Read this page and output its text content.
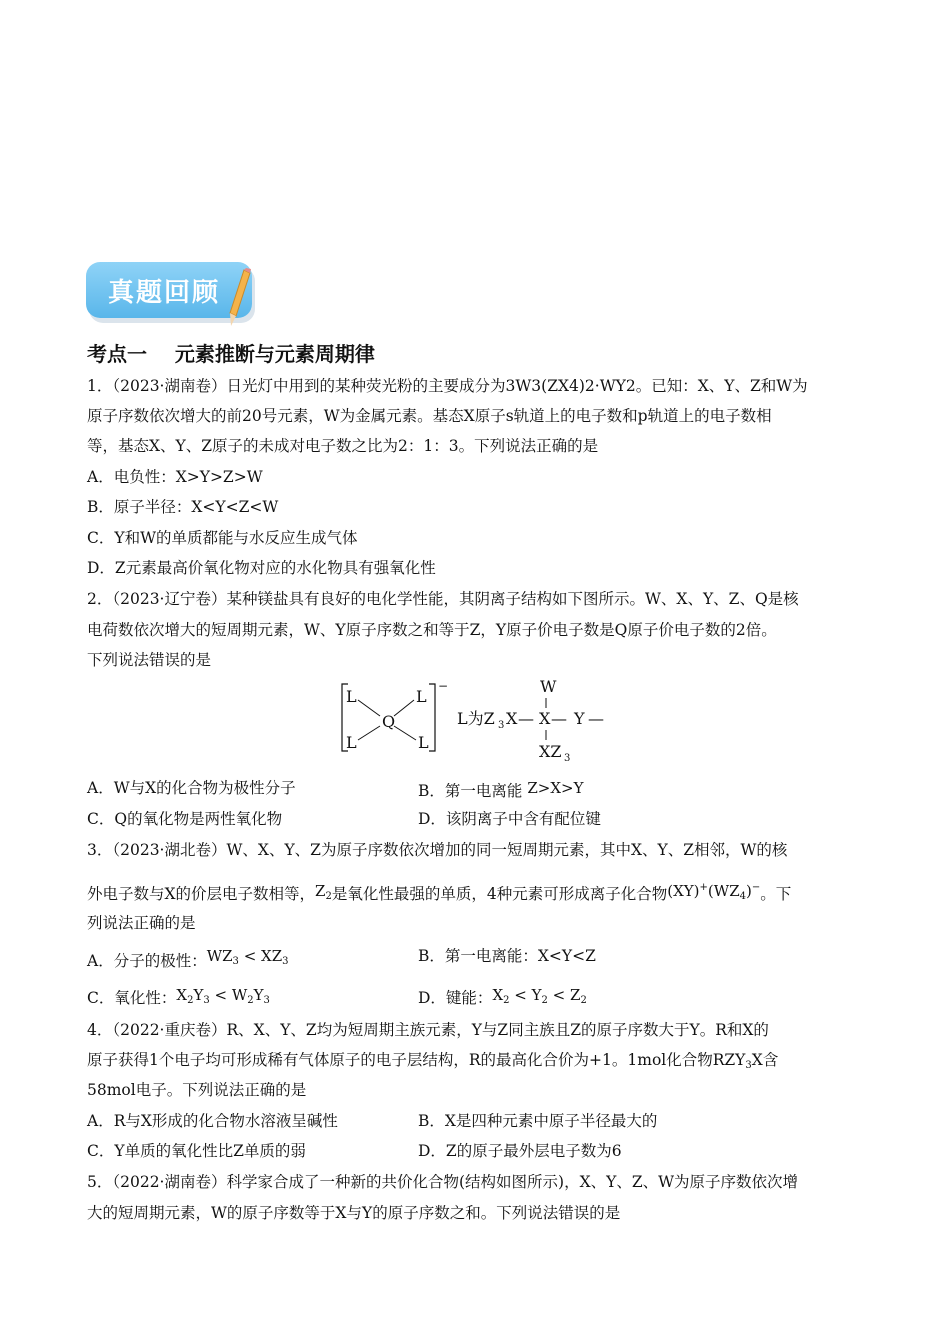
真题回顾
考点一    元素推断与元素周期律
1．（2023·湖南卷）日光灯中用到的某种荧光粉的主要成分为3W3(ZX4)2·WY2。已知：X、Y、Z和W为
原子序数依次增大的前20号元素，W为金属元素。基态X原子s轨道上的电子数和p轨道上的电子数相
等，基态X、Y、Z原子的未成对电子数之比为2：1：3。下列说法正确的是
A．电负性：X>Y>Z>W
B．原子半径：X<Y<Z<W
C．Y和W的单质都能与水反应生成气体
D．Z元素最高价氧化物对应的水化物具有强氧化性
2．（2023·辽宁卷）某种镁盐具有良好的电化学性能，其阴离子结构如下图所示。W、X、Y、Z、Q是核
电荷数依次增大的短周期元素，W、Y原子序数之和等于Z，Y原子价电子数是Q原子价电子数的2倍。
下列说法错误的是
L	L
L	L
Q
−
L为Z 3 X — X
W
— Y —
XZ 3
A．W与X的化合物为极性分子	B．第一电离能 Z>X>Y
C．Q的氧化物是两性氧化物	D．该阴离子中含有配位键
3．（2023·湖北卷）W、X、Y、Z为原子序数依次增加的同一短周期元素，其中X、Y、Z相邻，W的核
外电子数与X的价层电子数相等，$Z_2$是氧化性最强的单质，4种元素可形成离子化合物$(XY)^+(WZ_4)^-$。下
列说法正确的是
A．分子的极性：$WZ_3 < XZ_3$	B．第一电离能：X<Y<Z
C．氧化性：$X_2Y_3 < W_2Y_3$	D．键能：$X_2 < Y_2 < Z_2$
4．（2022·重庆卷）R、X、Y、Z均为短周期主族元素，Y与Z同主族且Z的原子序数大于Y。R和X的
原子获得1个电子均可形成稀有气体原子的电子层结构，R的最高化合价为+1。1mol化合物$RZY_3X$含
58mol电子。下列说法正确的是
A．R与X形成的化合物水溶液呈碱性	B．X是四种元素中原子半径最大的
C．Y单质的氧化性比Z单质的弱	D．Z的原子最外层电子数为6
5．（2022·湖南卷）科学家合成了一种新的共价化合物(结构如图所示)，X、Y、Z、W为原子序数依次增
大的短周期元素，W的原子序数等于X与Y的原子序数之和。下列说法错误的是
